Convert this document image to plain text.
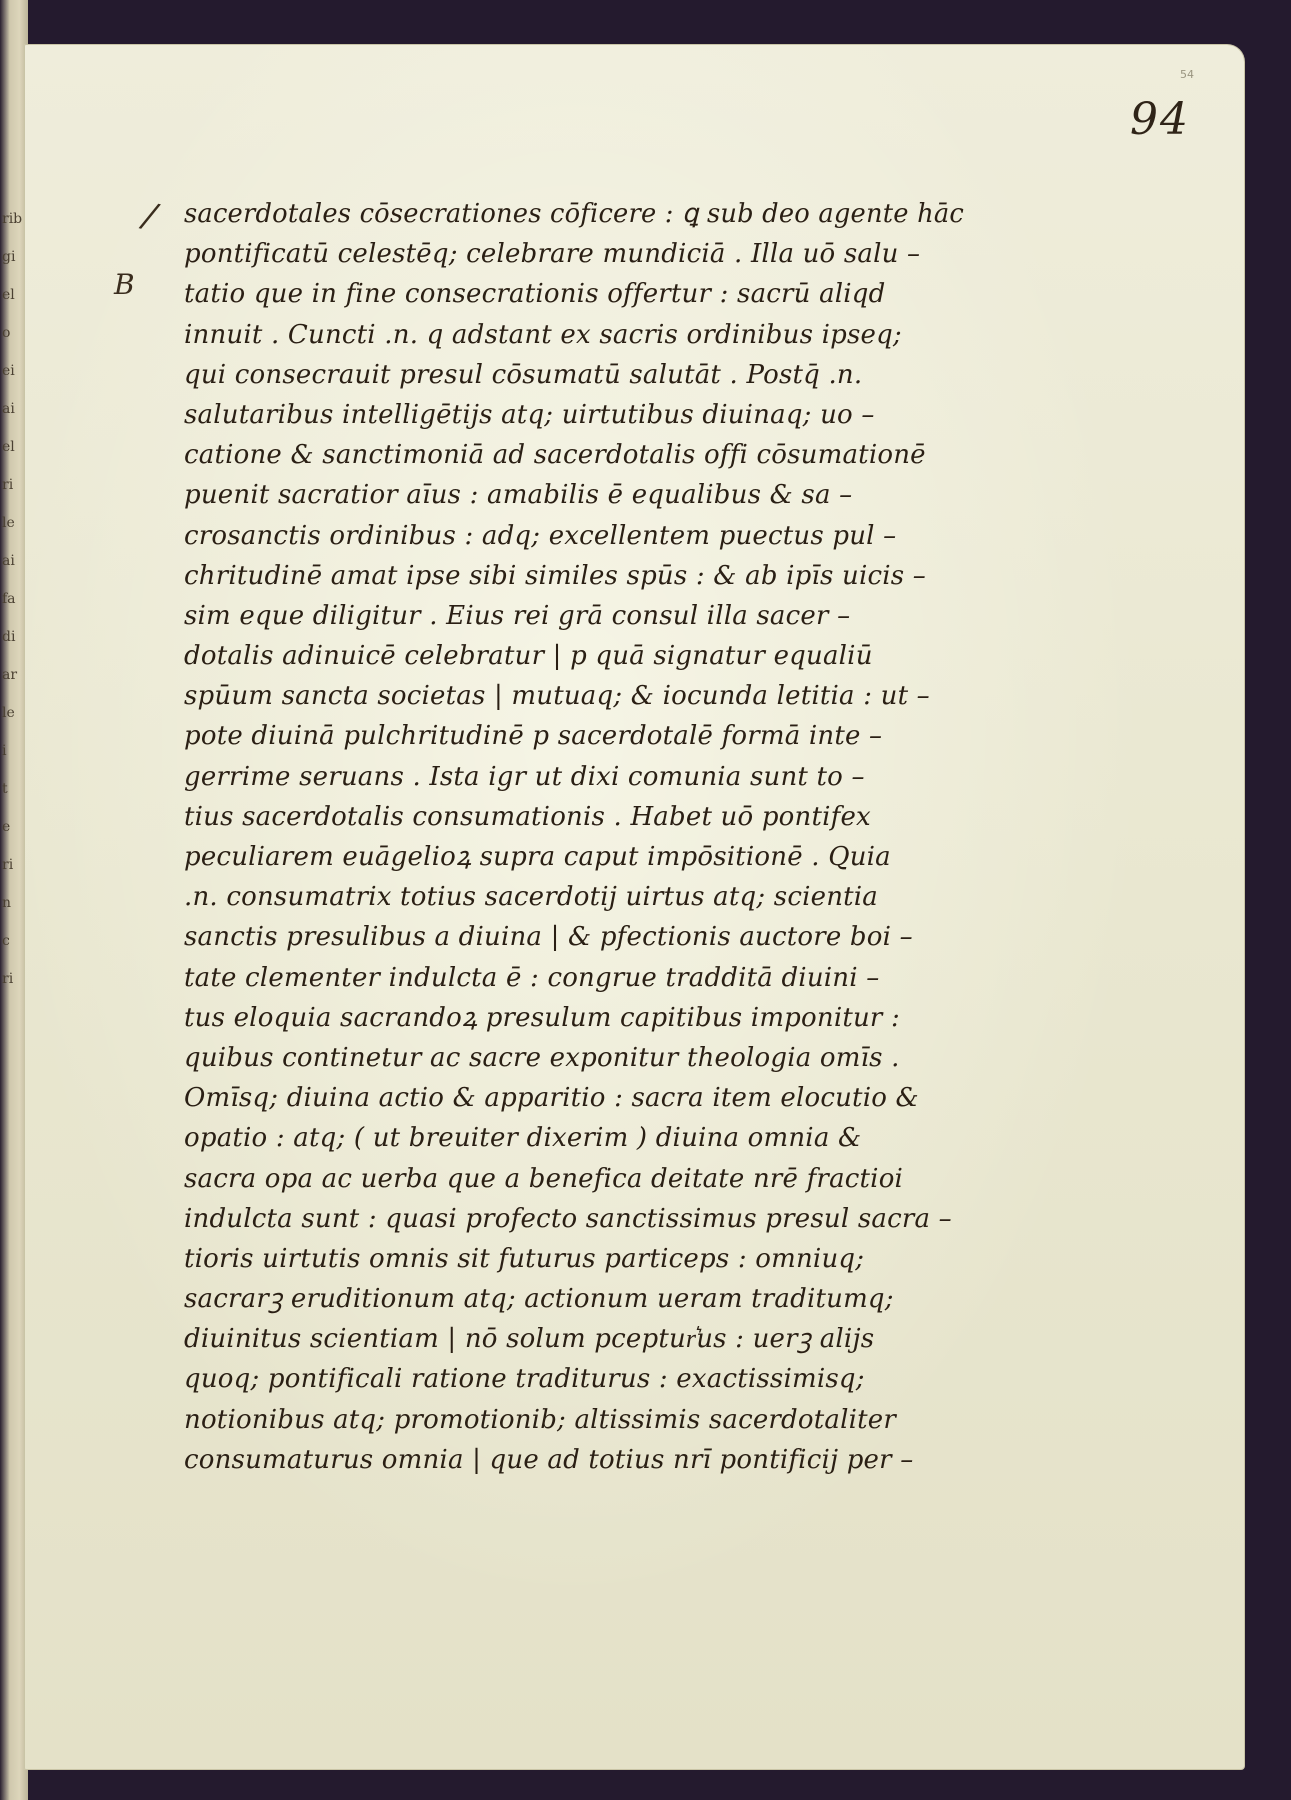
rib
gi
el
o
ei
ai
el
ri
le
ai
fa
di
ar
le
i
t
e
ri
n
c
ri
54
94
/
B
sacerdotales cōsecrationes cōficere : ꝗ sub deo agente hāc
pontificatū celestēq; celebrare mundiciā . Illa uō salu –
tatio que in fine consecrationis offertur : sacrū aliqd
innuit . Cuncti .n. q adstant ex sacris ordinibus ipseq;
qui consecrauit presul cōsumatū salutāt . Postq̄ .n.
salutaribus intelligētijs atq; uirtutibus diuinaq; uo –
catione & sanctimoniā ad sacerdotalis offi cōsumationē
puenit sacratior aīus : amabilis ē equalibus & sa –
crosanctis ordinibus : adq; excellentem puectus pul –
chritudinē amat ipse sibi similes spūs : & ab ipīs uicis –
sim eque diligitur . Eius rei grā consul illa sacer –
dotalis adinuicē celebratur | p quā signatur equaliū
spūum sancta societas | mutuaq; & iocunda letitia : ut –
pote diuinā pulchritudinē p sacerdotalē formā inte –
gerrime seruans . Ista igr ut dixi comunia sunt to –
tius sacerdotalis consumationis . Habet uō pontifex
peculiarem euāgelioꝝ supra caput impōsitionē . Quia
.n. consumatrix totius sacerdotij uirtus atq; scientia
sanctis presulibus a diuina | & pfectionis auctore boi –
tate clementer indulcta ē : congrue tradditā diuini –
tus eloquia sacrandoꝝ presulum capitibus imponitur :
quibus continetur ac sacre exponitur theologia omīs .
Omīsq; diuina actio & apparitio : sacra item elocutio &
opatio : atq; ( ut breuiter dixerim ) diuina omnia &
sacra opa ac uerba que a benefica deitate nrē fractioi
indulcta sunt : quasi profecto sanctissimus presul sacra –
tioris uirtutis omnis sit futurus particeps : omniuq;
sacrarꝫ eruditionum atq; actionum ueram traditumq;
diuinitus scientiam | nō solum pceptur͛us : uerꝫ alijs
quoq; pontificali ratione traditurus : exactissimisq;
notionibus atq; promotionib; altissimis sacerdotaliter
consumaturus omnia | que ad totius nrī pontificij per –
